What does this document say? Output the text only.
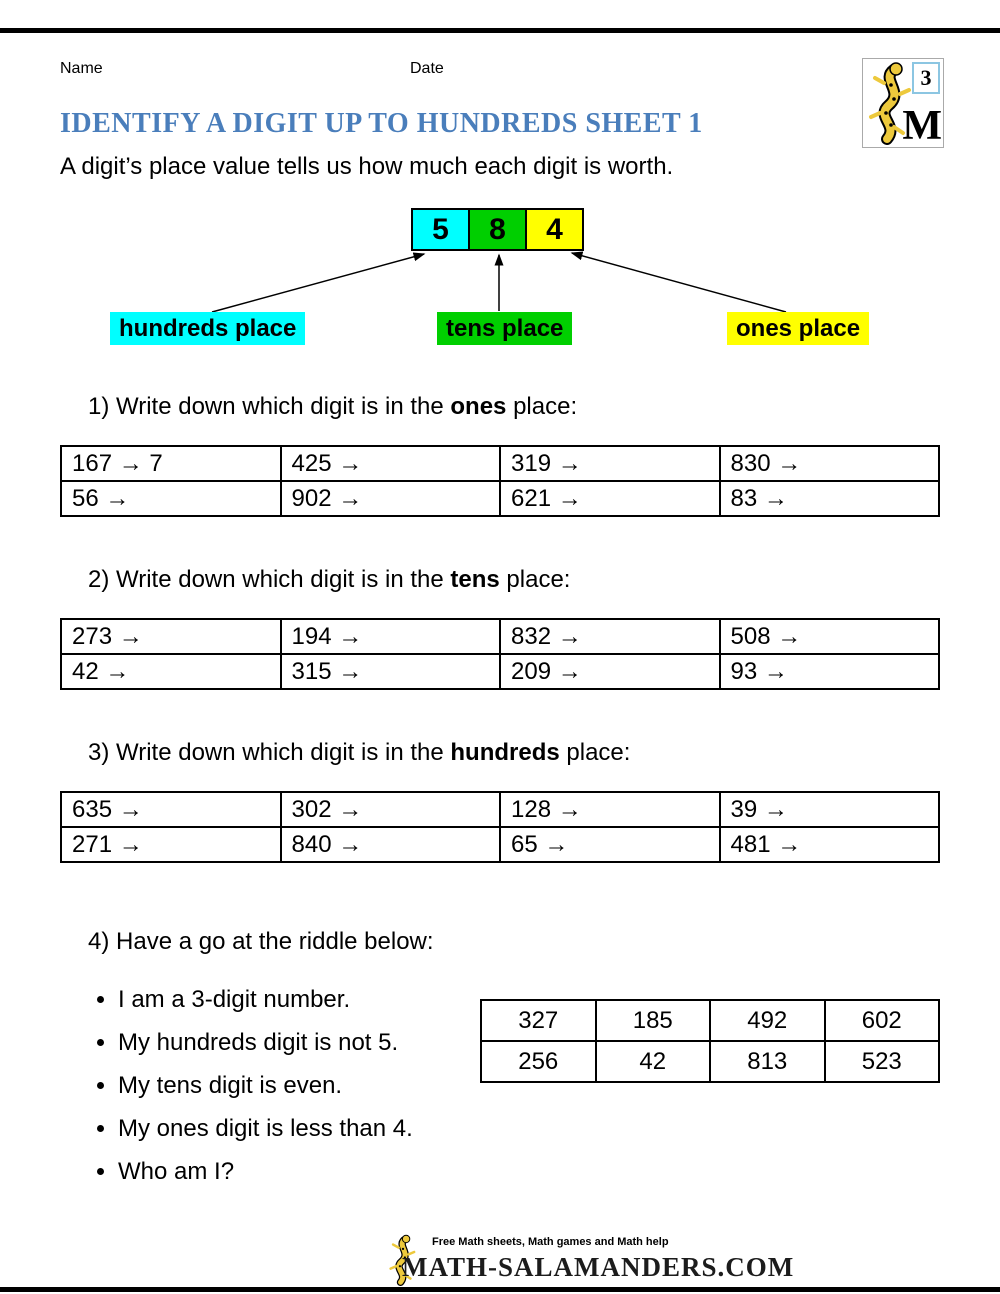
Name	Date	3
M
IDENTIFY A DIGIT UP TO HUNDREDS SHEET 1

A digit’s place value tells us how much each digit is worth.

5	8	4
hundreds place	tens place	ones place
1) Write down which digit is in the ones place:
167 → 7	425 →	319 →	830 →
56 →	902 →	621 →	83 →
2) Write down which digit is in the tens place:
273 →	194 →	832 →	508 →
42 →	315 →	209 →	93 →
3) Write down which digit is in the hundreds place:
635 →	302 →	128 →	39 →
271 →	840 →	65 →	481 →
4) Have a go at the riddle below:
• I am a 3-digit number.
• My hundreds digit is not 5.
• My tens digit is even.
• My ones digit is less than 4.
• Who am I?
327	185	492	602
256	42	813	523
Free Math sheets, Math games and Math help
MATH-SALAMANDERS.COM
